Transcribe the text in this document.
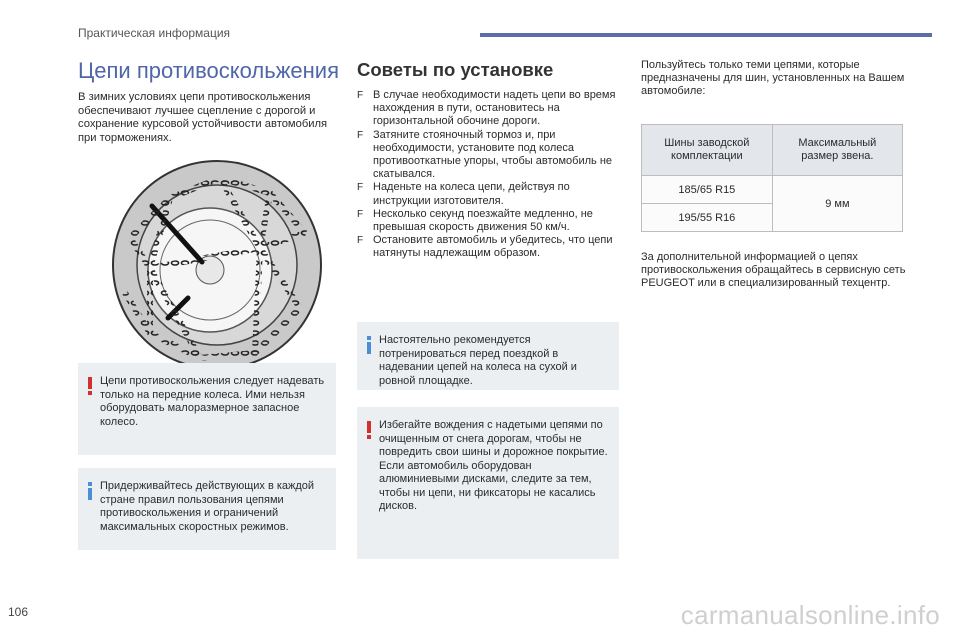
Практическая информация
Цепи противоскольжения
В зимних условиях цепи противоскольжения обеспечивают лучшее сцепление с дорогой и сохранение курсовой устойчивости автомобиля при торможениях.
Цепи противоскольжения следует надевать только на передние колеса. Ими нельзя оборудовать малоразмерное запасное колесо.
Придерживайтесь действующих в каждой стране правил пользования цепями противоскольжения и ограничений максимальных скоростных режимов.
Советы по установке
F В случае необходимости надеть цепи во время нахождения в пути, остановитесь на горизонтальной обочине дороги.
F Затяните стояночный тормоз и, при необходимости, установите под колеса противооткатные упоры, чтобы автомобиль не скатывался.
F Наденьте на колеса цепи, действуя по инструкции изготовителя.
F Несколько секунд поезжайте медленно, не превышая скорость движения 50 км/ч.
F Остановите автомобиль и убедитесь, что цепи натянуты надлежащим образом.
Настоятельно рекомендуется потренироваться перед поездкой в надевании цепей на колеса на сухой и ровной площадке.
Избегайте вождения с надетыми цепями по очищенным от снега дорогам, чтобы не повредить свои шины и дорожное покрытие. Если автомобиль оборудован алюминиевыми дисками, следите за тем, чтобы ни цепи, ни фиксаторы не касались дисков.
Пользуйтесь только теми цепями, которые предназначены для шин, установленных на Вашем автомобиле:
Шины заводской комплектации	Максимальный размер звена.
185/65 R15	9 мм
195/55 R16	
За дополнительной информацией о цепях противоскольжения обращайтесь в сервисную сеть PEUGEOT или в специализированный техцентр.
106	carmanualsonline.info
